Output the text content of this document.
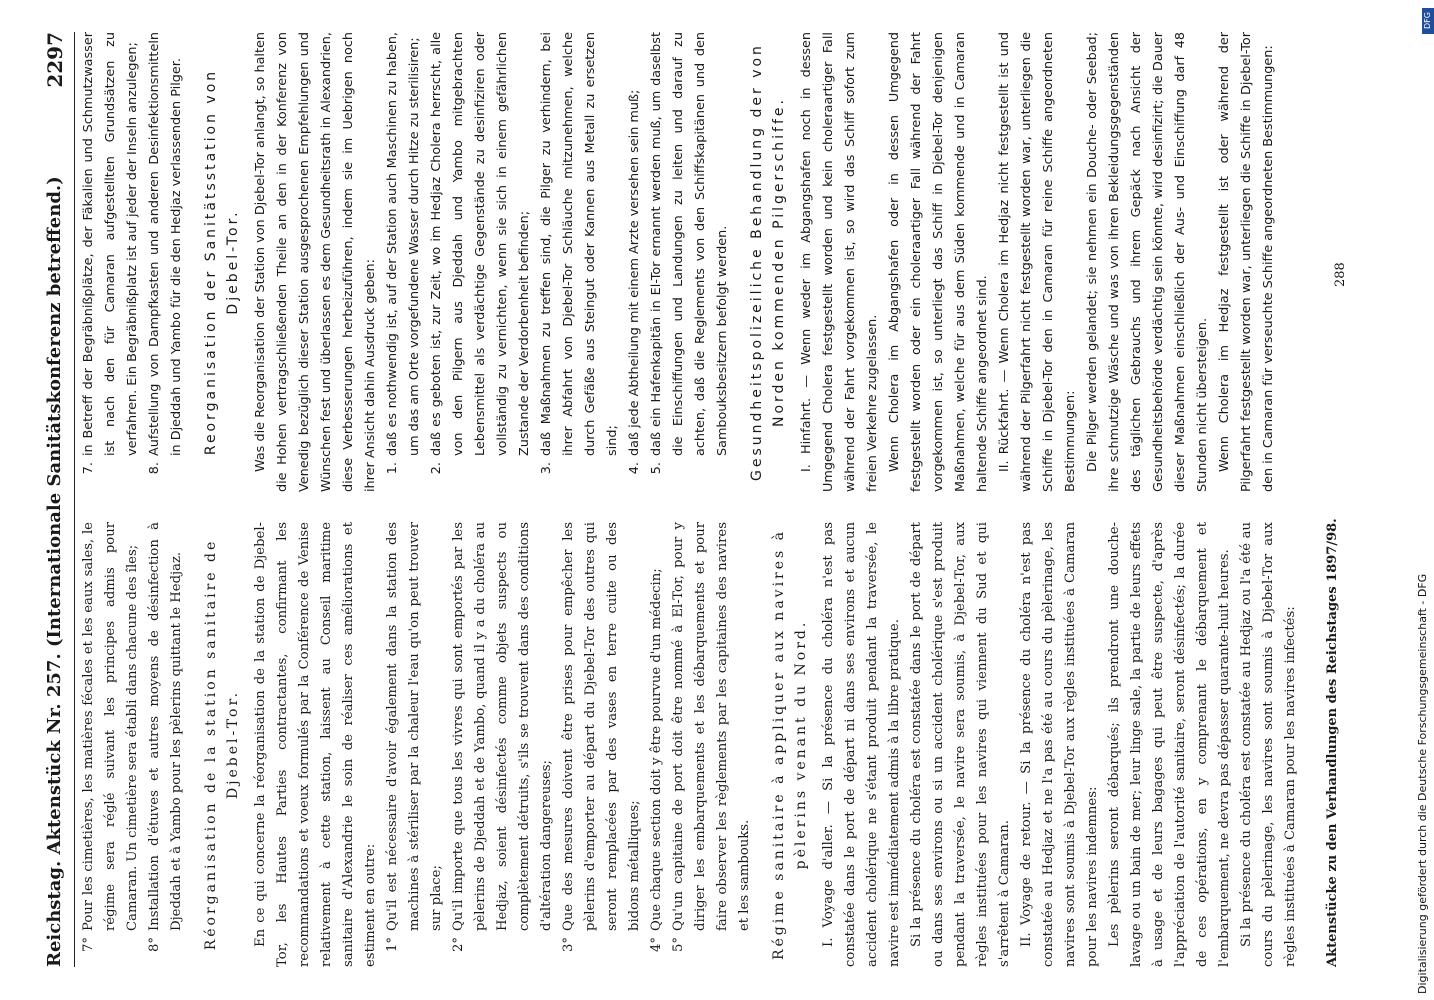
Reichstag. Aktenstück Nr. 257. (Internationale Sanitätskonferenz betreffend.)
2297
7°
Pour les cimetières, les matières fécales et les eaux sales, le régime sera réglé suivant les principes admis pour Camaran. Un cimetière sera établi dans chacune des îles;
8°
Installation d'étuves et autres moyens de désinfection à Djeddah et à Yambo pour les pèlerins quittant le Hedjaz. Réorganisation de la station sanitaire de Djebel-Tor. En ce qui concerne la réorganisation de la station de Djebel-Tor, les Hautes Parties contractantes, confirmant les recommandations et voeux formulés par la Conférence de Venise relativement à cette station, laissent au Conseil maritime sanitaire d'Alexandrie le soin de réaliser ces améliorations et estiment en outre: 1°
Qu'il est nécessaire d'avoir également dans la station des machines à stériliser par la chaleur l'eau qu'on peut trouver sur place;
2°
Qu'il importe que tous les vivres qui sont emportés par les pèlerins de Djeddah et de Yambo, quand il y a du choléra au Hedjaz, soient désinfectés comme objets suspects ou complètement détruits, s'ils se trouvent dans des conditions d'altération dangereuses;
3°
Que des mesures doivent être prises pour empêcher les pèlerins d'emporter au départ du Djebel-Tor des outres qui seront remplacées par des vases en terre cuite ou des bidons métalliques;
4°
Que chaque section doit y être pourvue d'un médecin;
5°
Qu'un capitaine de port doit être nommé à El-Tor, pour y diriger les embarquements et les débarquements et pour faire observer les règlements par les capitaines des navires et les sambouks. Régime sanitaire à appliquer aux navires à pèlerins venant du Nord. I. Voyage d'aller. — Si la présence du choléra n'est pas constatée dans le port de départ ni dans ses environs et aucun accident cholérique ne s'étant produit pendant la traversée, le navire est immédiatement admis à la libre pratique. Si la présence du choléra est constatée dans le port de départ ou dans ses environs ou si un accident cholérique s'est produit pendant la traversée, le navire sera soumis, à Djebel-Tor, aux règles instituées pour les navires qui viennent du Sud et qui s'arrêtent à Camaran. II. Voyage de retour. — Si la présence du choléra n'est pas constatée au Hedjaz et ne l'a pas été au cours du pèlerinage, les navires sont soumis à Djebel-Tor aux règles instituées à Camaran pour les navires indemnes: Les pèlerins seront débarqués; ils prendront une douche-lavage ou un bain de mer; leur linge sale, la partie de leurs effets à usage et de leurs bagages qui peut être suspecte, d'après l'appréciation de l'autorité sanitaire, seront désinfectés; la durée de ces opérations, en y comprenant le débarquement et l'embarquement, ne devra pas dépasser quarante-huit heures. Si la présence du choléra est constatée au Hedjaz ou l'a été au cours du pèlerinage, les navires sont soumis à Djebel-Tor aux règles instituées à Camaran pour les navires infectés:

7.
in Betreff der Begräbnißplätze, der Fäkalien und Schmutzwasser ist nach den für Camaran aufgestellten Grundsätzen zu verfahren. Ein Begräbnißplatz ist auf jeder der Inseln anzulegen;
8.
Aufstellung von Dampfkasten und anderen Desinfektionsmitteln in Djeddah und Yambo für die den Hedjaz verlassenden Pilger. Reorganisation der Sanitätsstation von Djebel-Tor. Was die Reorganisation der Station von Djebel-Tor anlangt, so halten die Hohen vertragschließenden Theile an den in der Konferenz von Venedig bezüglich dieser Station ausgesprochenen Empfehlungen und Wünschen fest und überlassen es dem Gesundheitsrath in Alexandrien, diese Verbesserungen herbeizuführen, indem sie im Uebrigen noch ihrer Ansicht dahin Ausdruck geben: 1.
daß es nothwendig ist, auf der Station auch Maschinen zu haben, um das am Orte vorgefundene Wasser durch Hitze zu sterilisiren;
2.
daß es geboten ist, zur Zeit, wo im Hedjaz Cholera herrscht, alle von den Pilgern aus Djeddah und Yambo mitgebrachten Lebensmittel als verdächtige Gegenstände zu desinfiziren oder vollständig zu vernichten, wenn sie sich in einem gefährlichen Zustande der Verdorbenheit befinden;
3.
daß Maßnahmen zu treffen sind, die Pilger zu verhindern, bei ihrer Abfahrt von Djebel-Tor Schläuche mitzunehmen, welche durch Gefäße aus Steingut oder Kannen aus Metall zu ersetzen sind;
4.
daß jede Abtheilung mit einem Arzte versehen sein muß;
5.
daß ein Hafenkapitän in El-Tor ernannt werden muß, um daselbst die Einschiffungen und Landungen zu leiten und darauf zu achten, daß die Reglements von den Schiffskapitänen und den Sambouksbesitzern befolgt werden. Gesundheitspolizeiliche Behandlung der von Norden kommenden Pilgerschiffe. I. Hinfahrt. — Wenn weder im Abgangshafen noch in dessen Umgegend Cholera festgestellt worden und kein choleraartiger Fall während der Fahrt vorgekommen ist, so wird das Schiff sofort zum freien Verkehre zugelassen. Wenn Cholera im Abgangshafen oder in dessen Umgegend festgestellt worden oder ein choleraartiger Fall während der Fahrt vorgekommen ist, so unterliegt das Schiff in Djebel-Tor denjenigen Maßnahmen, welche für aus dem Süden kommende und in Camaran haltende Schiffe angeordnet sind. II. Rückfahrt. — Wenn Cholera im Hedjaz nicht festgestellt ist und während der Pilgerfahrt nicht festgestellt worden war, unterliegen die Schiffe in Djebel-Tor den in Camaran für reine Schiffe angeordneten Bestimmungen: Die Pilger werden gelandet; sie nehmen ein Douche- oder Seebad; ihre schmutzige Wäsche und was von ihren Bekleidungsgegenständen des täglichen Gebrauchs und ihrem Gepäck nach Ansicht der Gesundheitsbehörde verdächtig sein könnte, wird desinfizirt; die Dauer dieser Maßnahmen einschließlich der Aus- und Einschiffung darf 48 Stunden nicht übersteigen. Wenn Cholera im Hedjaz festgestellt ist oder während der Pilgerfahrt festgestellt worden war, unterliegen die Schiffe in Djebel-Tor den in Camaran für verseuchte Schiffe angeordneten Bestimmungen:

Aktenstücke zu den Verhandlungen des Reichstages 1897/98.
288
Digitalisierung gefördert durch die Deutsche Forschungsgemeinschaft - DFG
DFG
